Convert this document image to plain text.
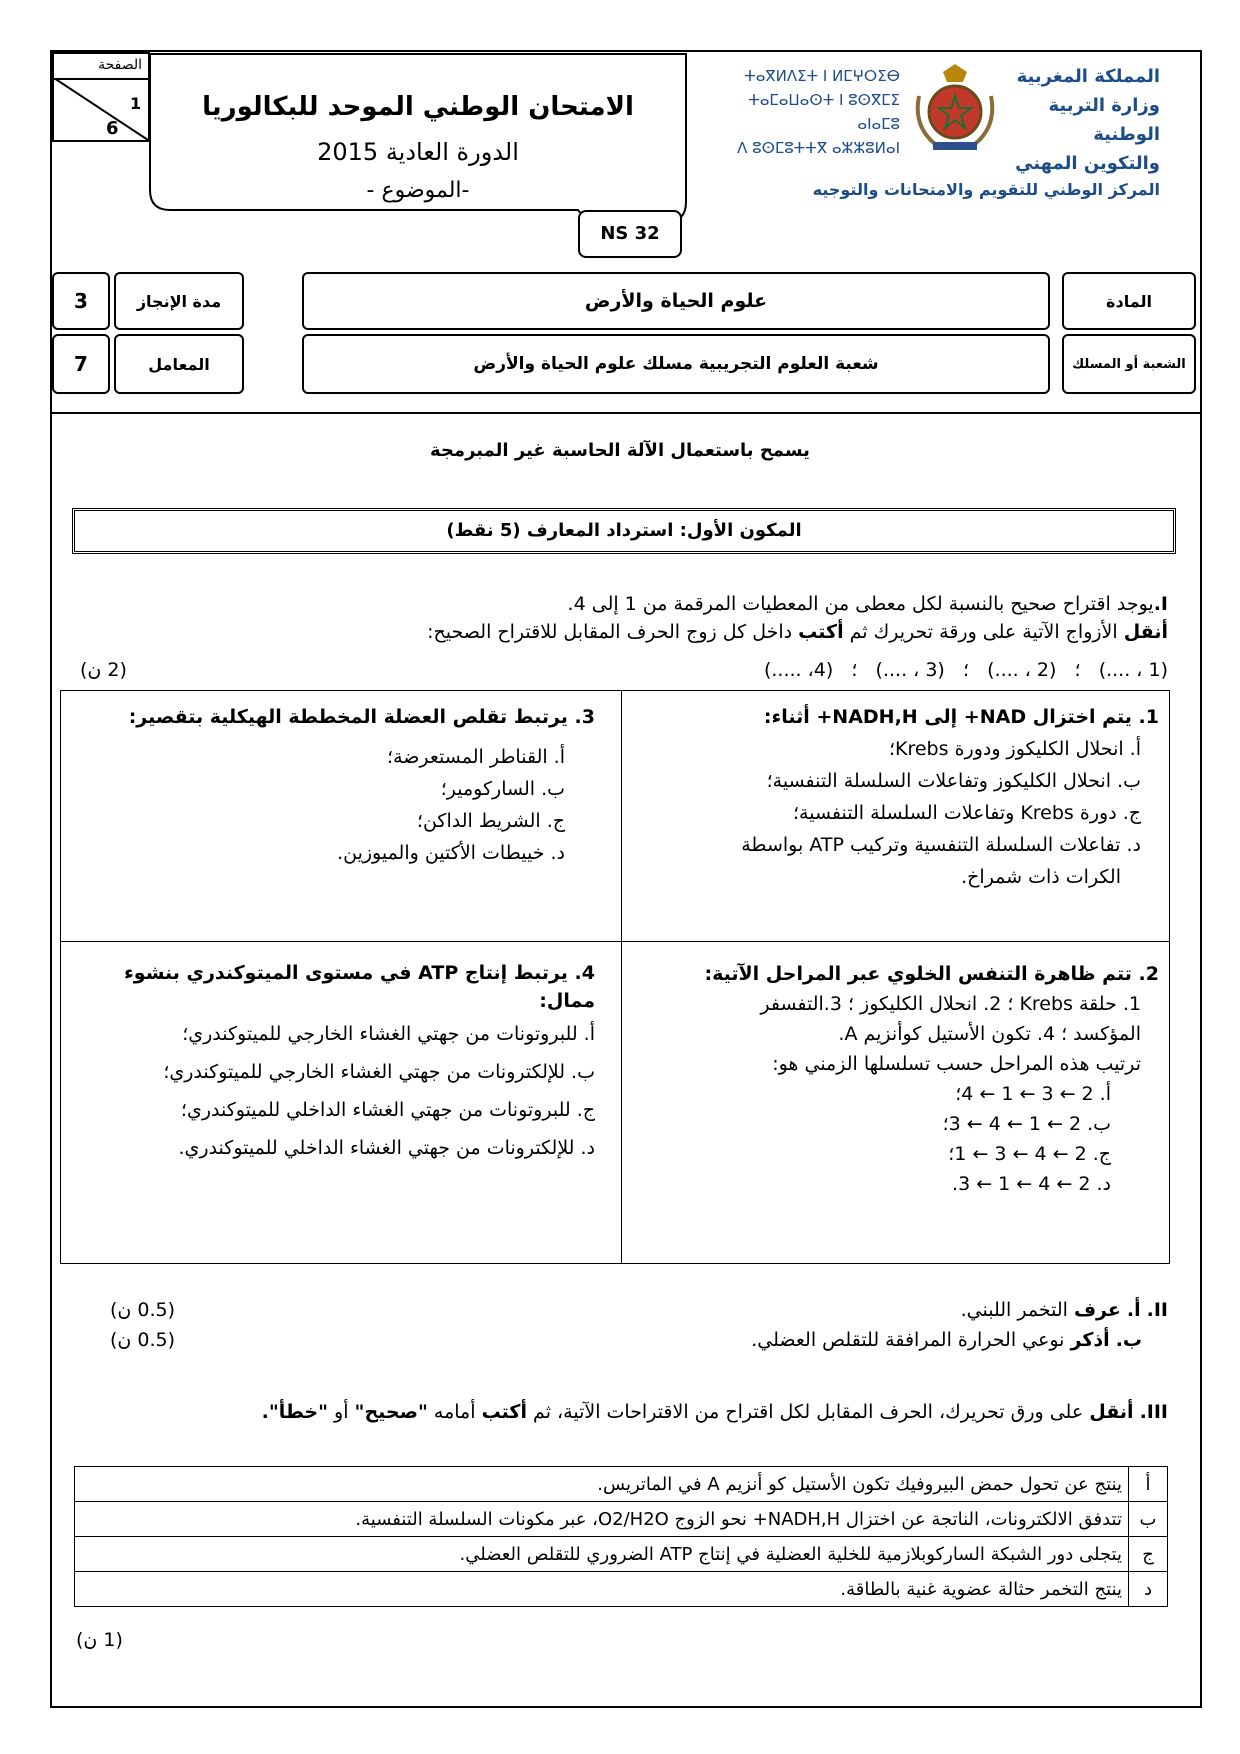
الصفحة
1
6
الامتحان الوطني الموحد للبكالوريا
الدورة العادية 2015
-الموضوع -
NS 32
ⵜⴰⴳⵍⴷⵉⵜ ⵏ ⵍⵎⵖⵔⵉⴱ
ⵜⴰⵎⴰⵡⴰⵙⵜ ⵏ ⵓⵙⴳⵎⵉ ⴰⵏⴰⵎⵓ
ⴷ ⵓⵙⵎⵓⵜⵜⴳ ⴰⵣⵣⵓⵍⴰⵏ
المملكة المغربية
وزارة التربية الوطنية
والتكوين المهني
المركز الوطني للتقويم والامتحانات والتوجيه
المادة
علوم الحياة والأرض
مدة الإنجاز
3
الشعبة أو المسلك
شعبة العلوم التجريبية مسلك علوم الحياة والأرض
المعامل
7
يسمح باستعمال الآلة الحاسبة غير المبرمجة
المكون الأول: استرداد المعارف (5 نقط)
I.يوجد اقتراح صحيح بالنسبة لكل معطى من المعطيات المرقمة من 1 إلى 4.
أنقل الأزواج الآتية على ورقة تحريرك ثم أكتب داخل كل زوج الحرف المقابل للاقتراح الصحيح:
(1 ، ....)   ؛   (2 ، ....)   ؛   (3 ، ....)   ؛   (4، .....)
(2 ن)
1. يتم اختزال NAD+ إلى NADH,H+ أثناء:
أ. انحلال الكليكوز ودورة Krebs؛
ب. انحلال الكليكوز وتفاعلات السلسلة التنفسية؛
ج. دورة Krebs وتفاعلات السلسلة التنفسية؛
د. تفاعلات السلسلة التنفسية وتركيب ATP بواسطة
الكرات ذات شمراخ.
3. يرتبط تقلص العضلة المخططة الهيكلية بتقصير:
أ. القناطر المستعرضة؛
ب. الساركومير؛
ج. الشريط الداكن؛
د. خييطات الأكتين والميوزين.
2. تتم ظاهرة التنفس الخلوي عبر المراحل الآتية:
1. حلقة Krebs ؛ 2. انحلال الكليكوز ؛ 3.التفسفر
المؤكسد ؛ 4. تكون الأستيل كوأنزيم A.
ترتيب هذه المراحل حسب تسلسلها الزمني هو:
أ. 2 ← 3 ← 1 ← 4؛
ب. 2 ← 1 ← 4 ← 3؛
ج. 2 ← 4 ← 3 ← 1؛
د. 2 ← 4 ← 1 ← 3.
4. يرتبط إنتاج ATP في مستوى الميتوكندري بنشوء ممال:
أ. للبروتونات من جهتي الغشاء الخارجي للميتوكندري؛
ب. للإلكترونات من جهتي الغشاء الخارجي للميتوكندري؛
ج. للبروتونات من جهتي الغشاء الداخلي للميتوكندري؛
د. للإلكترونات من جهتي الغشاء الداخلي للميتوكندري.
II. أ. عرف التخمر اللبني.
(0.5 ن)
ب. أذكر نوعي الحرارة المرافقة للتقلص العضلي.
(0.5 ن)
III. أنقل على ورق تحريرك، الحرف المقابل لكل اقتراح من الاقتراحات الآتية، ثم أكتب أمامه "صحيح" أو "خطأ".
أ	ينتج عن تحول حمض البيروفيك تكون الأستيل كو أنزيم A في الماتريس.
ب	تتدفق الالكترونات، الناتجة عن اختزال NADH,H+ نحو الزوج O2/H2O، عبر مكونات السلسلة التنفسية.
ج	يتجلى دور الشبكة الساركوبلازمية للخلية العضلية في إنتاج ATP الضروري للتقلص العضلي.
د	ينتج التخمر حثالة عضوية غنية بالطاقة.
(1 ن)
